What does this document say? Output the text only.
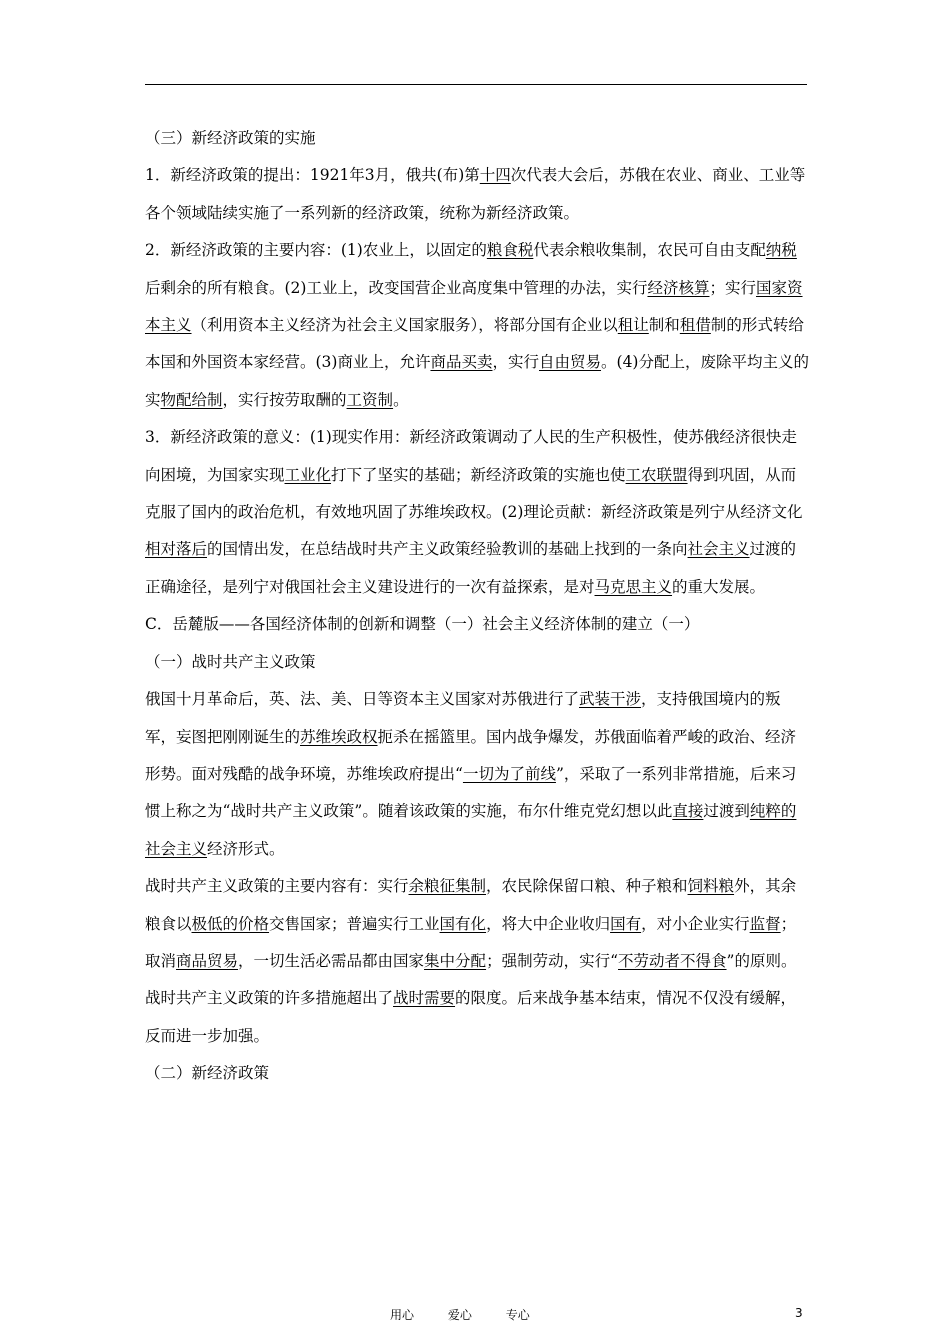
（三）新经济政策的实施

1．新经济政策的提出：1921年3月，俄共(布)第十四次代表大会后，苏俄在农业、商业、工业等各个领域陆续实施了一系列新的经济政策，统称为新经济政策。

2．新经济政策的主要内容：(1)农业上，以固定的粮食税代表余粮收集制，农民可自由支配纳税后剩余的所有粮食。(2)工业上，改变国营企业高度集中管理的办法，实行经济核算；实行国家资本主义（利用资本主义经济为社会主义国家服务），将部分国有企业以租让制和租借制的形式转给本国和外国资本家经营。(3)商业上，允许商品买卖，实行自由贸易。(4)分配上，废除平均主义的实物配给制，实行按劳取酬的工资制。

3．新经济政策的意义：(1)现实作用：新经济政策调动了人民的生产积极性，使苏俄经济很快走向困境，为国家实现工业化打下了坚实的基础；新经济政策的实施也使工农联盟得到巩固，从而克服了国内的政治危机，有效地巩固了苏维埃政权。(2)理论贡献：新经济政策是列宁从经济文化相对落后的国情出发，在总结战时共产主义政策经验教训的基础上找到的一条向社会主义过渡的正确途径，是列宁对俄国社会主义建设进行的一次有益探索，是对马克思主义的重大发展。

C．岳麓版——各国经济体制的创新和调整（一）社会主义经济体制的建立（一）

（一）战时共产主义政策

俄国十月革命后，英、法、美、日等资本主义国家对苏俄进行了武装干涉，支持俄国境内的叛军，妄图把刚刚诞生的苏维埃政权扼杀在摇篮里。国内战争爆发，苏俄面临着严峻的政治、经济形势。面对残酷的战争环境，苏维埃政府提出“一切为了前线”，采取了一系列非常措施，后来习惯上称之为“战时共产主义政策”。随着该政策的实施，布尔什维克党幻想以此直接过渡到纯粹的社会主义经济形式。

战时共产主义政策的主要内容有：实行余粮征集制，农民除保留口粮、种子粮和饲料粮外，其余粮食以极低的价格交售国家；普遍实行工业国有化，将大中企业收归国有，对小企业实行监督；取消商品贸易，一切生活必需品都由国家集中分配；强制劳动，实行“不劳动者不得食”的原则。

战时共产主义政策的许多措施超出了战时需要的限度。后来战争基本结束，情况不仅没有缓解，反而进一步加强。

（二）新经济政策

用心	爱心	专心	3
